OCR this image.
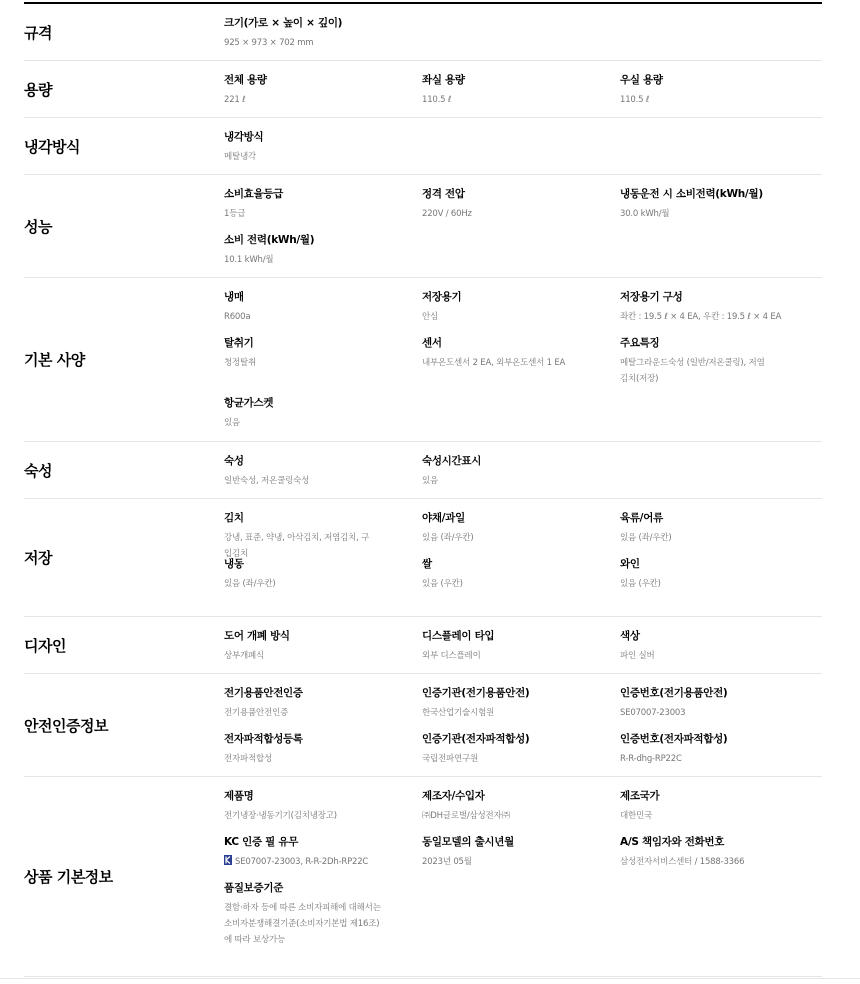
규격
크기(가로 × 높이 × 깊이)
925 × 973 × 702 mm
용량
전체 용량
221 ℓ
좌실 용량
110.5 ℓ
우실 용량
110.5 ℓ
냉각방식
냉각방식
메탈냉각
성능
소비효율등급
1등급
정격 전압
220V / 60Hz
냉동운전 시 소비전력(kWh/월)
30.0 kWh/월
소비 전력(kWh/월)
10.1 kWh/월
기본 사양
냉매
R600a
저장용기
안심
저장용기 구성
좌칸 : 19.5 ℓ × 4 EA, 우칸 : 19.5 ℓ × 4 EA
탈취기
청정탈취
센서
내부온도센서 2 EA, 외부온도센서 1 EA
주요특징
메탈그라운드숙성 (일반/저온쿨링), 저염김치(저장)
항균가스켓
있음
숙성
숙성
일반숙성, 저온쿨링숙성
숙성시간표시
있음
저장
김치
강냉, 표준, 약냉, 아삭김치, 저염김치, 구입김치
야채/과일
있음 (좌/우칸)
육류/어류
있음 (좌/우칸)
냉동
있음 (좌/우칸)
쌀
있음 (우칸)
와인
있음 (우칸)
디자인
도어 개폐 방식
상부개폐식
디스플레이 타입
외부 디스플레이
색상
파인 실버
안전인증정보
전기용품안전인증
전기용품안전인증
인증기관(전기용품안전)
한국산업기술시험원
인증번호(전기용품안전)
SE07007-23003
전자파적합성등록
전자파적합성
인증기관(전자파적합성)
국립전파연구원
인증번호(전자파적합성)
R-R-dhg-RP22C
상품 기본정보
제품명
전기냉장·냉동기기(김치냉장고)
제조자/수입자
㈜DH글로벌/삼성전자㈜
제조국가
대한민국
KC 인증 필 유무
SE07007-23003, R-R-2Dh-RP22C
동일모델의 출시년월
2023년 05월
A/S 책임자와 전화번호
삼성전자서비스센터 / 1588-3366
품질보증기준
결함·하자 등에 따른 소비자피해에 대해서는 소비자분쟁해결기준(소비자기본법 제16조)에 따라 보상가능
